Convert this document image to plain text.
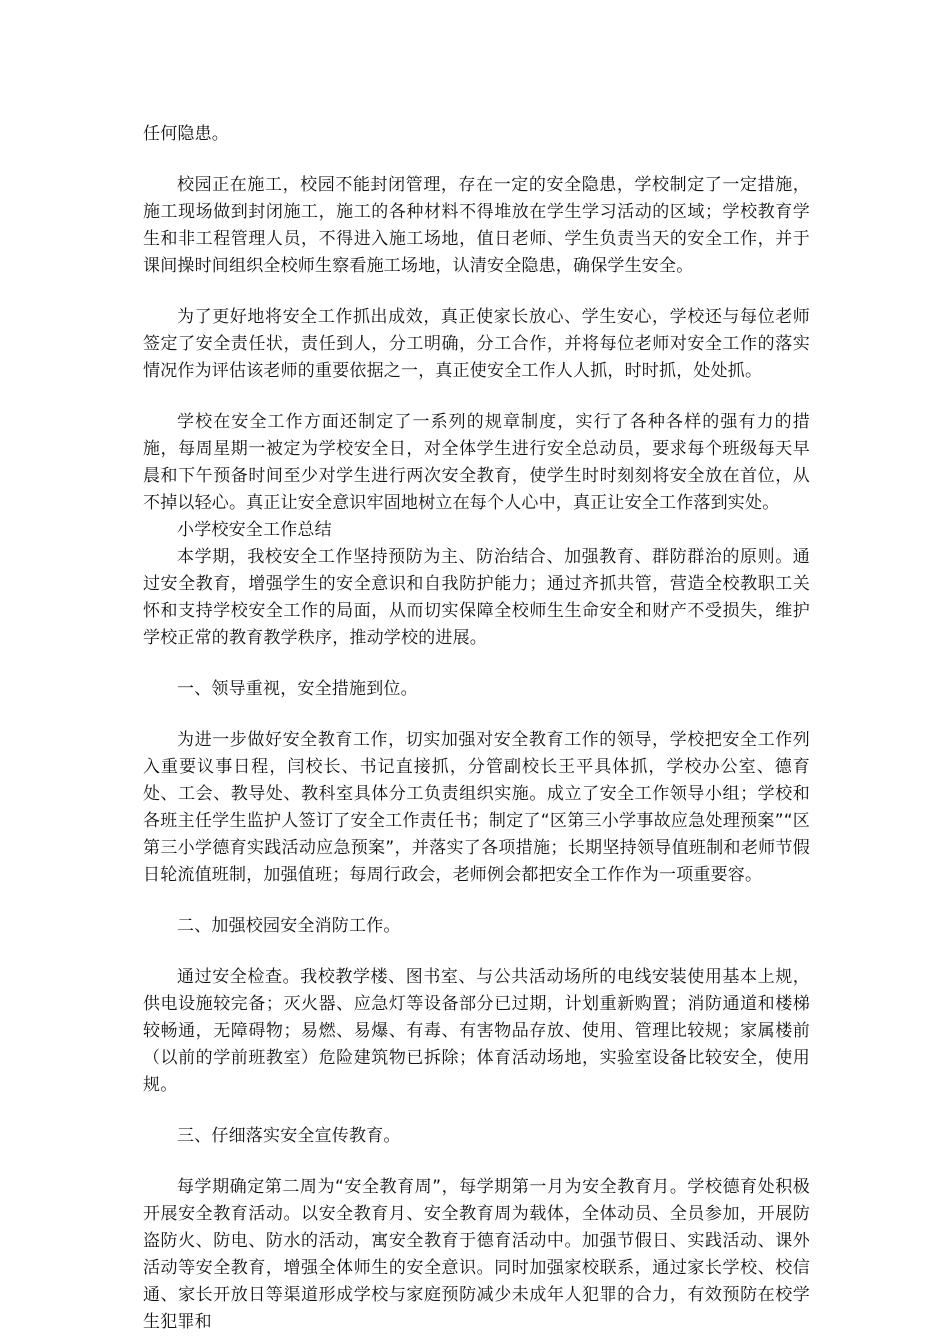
任何隐患。

校园正在施工，校园不能封闭管理，存在一定的安全隐患，学校制定了一定措施，施工现场做到封闭施工，施工的各种材料不得堆放在学生学习活动的区域；学校教育学生和非工程管理人员，不得进入施工场地，值日老师、学生负责当天的安全工作，并于课间操时间组织全校师生察看施工场地，认清安全隐患，确保学生安全。

为了更好地将安全工作抓出成效，真正使家长放心、学生安心，学校还与每位老师签定了安全责任状，责任到人，分工明确，分工合作，并将每位老师对安全工作的落实情况作为评估该老师的重要依据之一，真正使安全工作人人抓，时时抓，处处抓。

学校在安全工作方面还制定了一系列的规章制度，实行了各种各样的强有力的措施，每周星期一被定为学校安全日，对全体学生进行安全总动员，要求每个班级每天早晨和下午预备时间至少对学生进行两次安全教育，使学生时时刻刻将安全放在首位，从不掉以轻心。真正让安全意识牢固地树立在每个人心中，真正让安全工作落到实处。

小学校安全工作总结

本学期，我校安全工作坚持预防为主、防治结合、加强教育、群防群治的原则。通过安全教育，增强学生的安全意识和自我防护能力；通过齐抓共管，营造全校教职工关怀和支持学校安全工作的局面，从而切实保障全校师生生命安全和财产不受损失，维护学校正常的教育教学秩序，推动学校的进展。

一、领导重视，安全措施到位。

为进一步做好安全教育工作，切实加强对安全教育工作的领导，学校把安全工作列入重要议事日程，闫校长、书记直接抓，分管副校长王平具体抓，学校办公室、德育处、工会、教导处、教科室具体分工负责组织实施。成立了安全工作领导小组；学校和各班主任学生监护人签订了安全工作责任书；制定了“区第三小学事故应急处理预案”“区第三小学德育实践活动应急预案”，并落实了各项措施；长期坚持领导值班制和老师节假日轮流值班制，加强值班；每周行政会，老师例会都把安全工作作为一项重要容。

二、加强校园安全消防工作。

通过安全检查。我校教学楼、图书室、与公共活动场所的电线安装使用基本上规，供电设施较完备；灭火器、应急灯等设备部分已过期，计划重新购置；消防通道和楼梯较畅通，无障碍物；易燃、易爆、有毒、有害物品存放、使用、管理比较规；家属楼前（以前的学前班教室）危险建筑物已拆除；体育活动场地，实验室设备比较安全，使用规。

三、仔细落实安全宣传教育。

每学期确定第二周为“安全教育周”，每学期第一月为安全教育月。学校德育处积极开展安全教育活动。以安全教育月、安全教育周为载体，全体动员、全员参加，开展防盗防火、防电、防水的活动，寓安全教育于德育活动中。加强节假日、实践活动、课外活动等安全教育，增强全体师生的安全意识。同时加强家校联系，通过家长学校、校信通、家长开放日等渠道形成学校与家庭预防减少未成年人犯罪的合力，有效预防在校学生犯罪和
